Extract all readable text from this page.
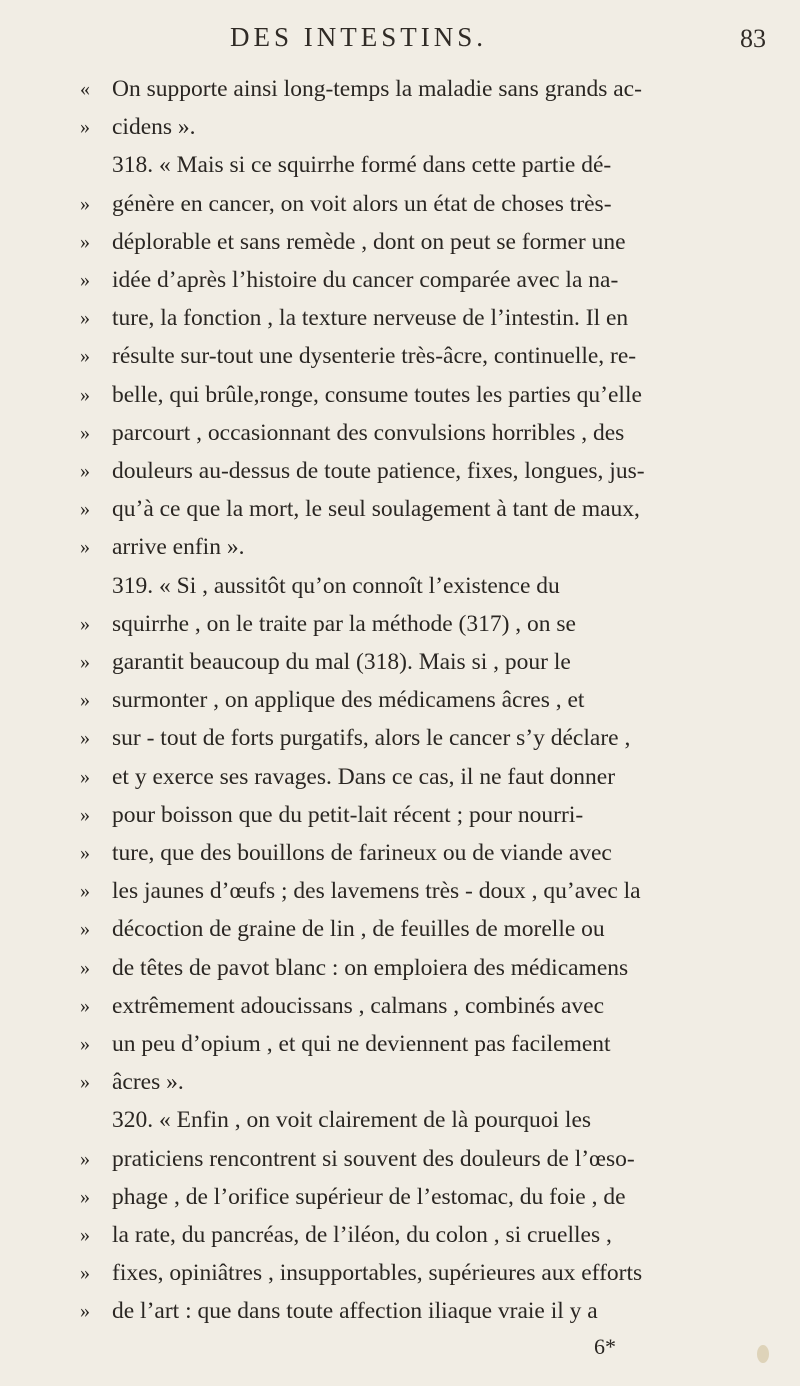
DES INTESTINS.	83
« On supporte ainsi long-temps la maladie sans grands ac-
» cidens ».
318. « Mais si ce squirrhe formé dans cette partie dé-
» génère en cancer, on voit alors un état de choses très-
» déplorable et sans remède , dont on peut se former une
» idée d’après l’histoire du cancer comparée avec la na-
» ture, la fonction , la texture nerveuse de l’intestin. Il en
» résulte sur-tout une dysenterie très-âcre, continuelle, re-
» belle, qui brûle,ronge, consume toutes les parties qu’elle
» parcourt , occasionnant des convulsions horribles , des
» douleurs au-dessus de toute patience, fixes, longues, jus-
» qu’à ce que la mort, le seul soulagement à tant de maux,
» arrive enfin ».
319. « Si , aussitôt qu’on connoît l’existence du
» squirrhe , on le traite par la méthode (317) , on se
» garantit beaucoup du mal (318). Mais si , pour le
» surmonter , on applique des médicamens âcres , et
» sur - tout de forts purgatifs, alors le cancer s’y déclare ,
» et y exerce ses ravages. Dans ce cas, il ne faut donner
» pour boisson que du petit-lait récent ; pour nourri-
» ture, que des bouillons de farineux ou de viande avec
» les jaunes d’œufs ; des lavemens très - doux , qu’avec la
» décoction de graine de lin , de feuilles de morelle ou
» de têtes de pavot blanc : on emploiera des médicamens
» extrêmement adoucissans , calmans , combinés avec
» un peu d’opium , et qui ne deviennent pas facilement
» âcres ».
320. « Enfin , on voit clairement de là pourquoi les
» praticiens rencontrent si souvent des douleurs de l’œso-
» phage , de l’orifice supérieur de l’estomac, du foie , de
» la rate, du pancréas, de l’iléon, du colon , si cruelles ,
» fixes, opiniâtres , insupportables, supérieures aux efforts
» de l’art : que dans toute affection iliaque vraie il y a
6*
